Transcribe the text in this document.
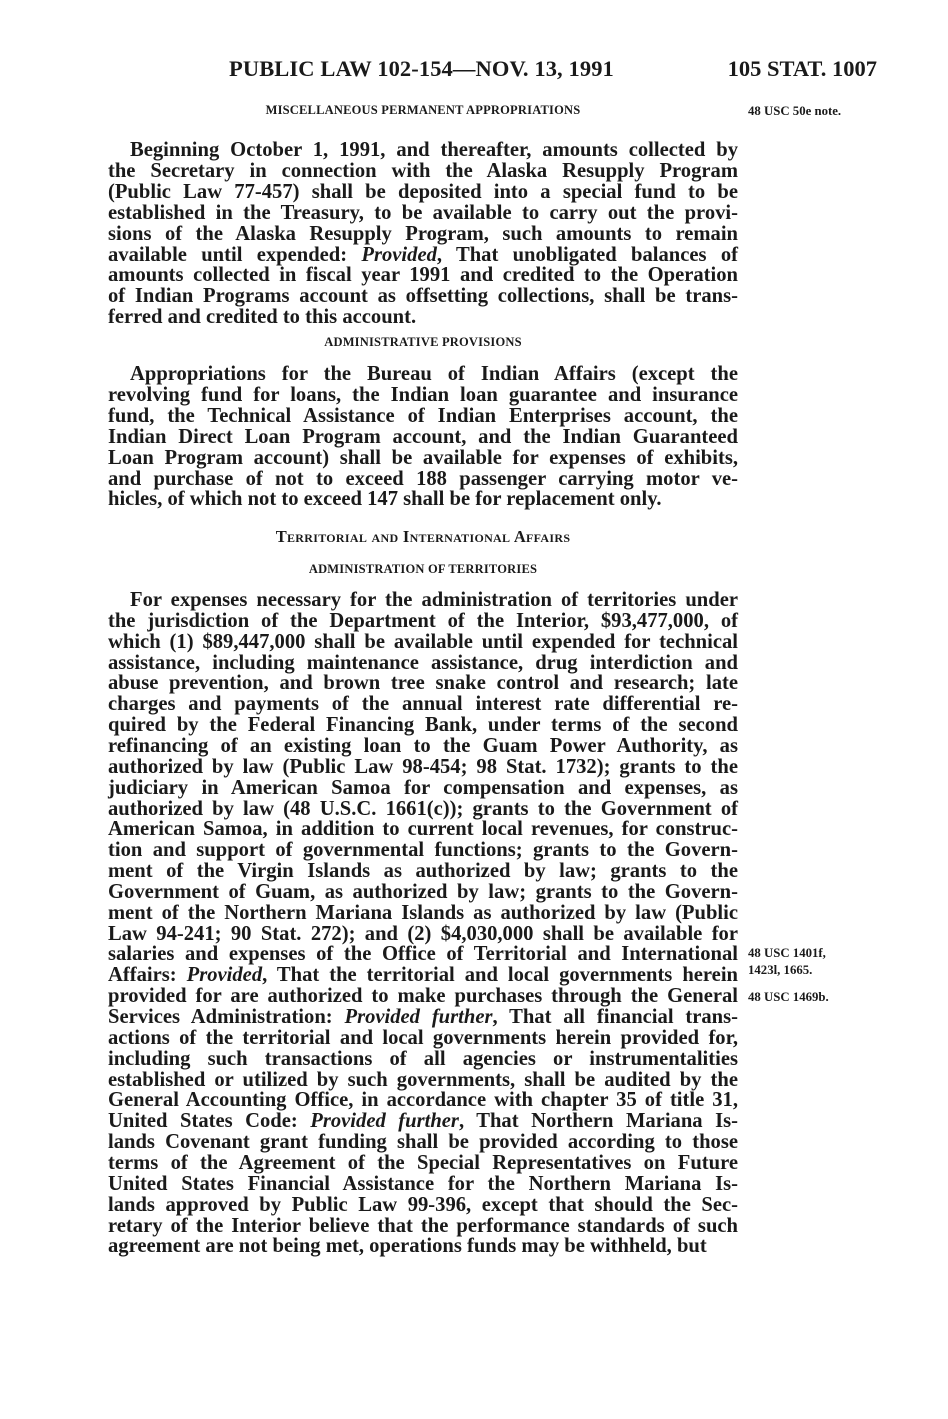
PUBLIC LAW 102-154—NOV. 13, 1991	105 STAT. 1007
MISCELLANEOUS PERMANENT APPROPRIATIONS	48 USC 50e note.
Beginning October 1, 1991, and thereafter, amounts collected by
the Secretary in connection with the Alaska Resupply Program
(Public Law 77-457) shall be deposited into a special fund to be
established in the Treasury, to be available to carry out the provi-
sions of the Alaska Resupply Program, such amounts to remain
available until expended: Provided, That unobligated balances of
amounts collected in fiscal year 1991 and credited to the Operation
of Indian Programs account as offsetting collections, shall be trans-
ferred and credited to this account.
ADMINISTRATIVE PROVISIONS
Appropriations for the Bureau of Indian Affairs (except the
revolving fund for loans, the Indian loan guarantee and insurance
fund, the Technical Assistance of Indian Enterprises account, the
Indian Direct Loan Program account, and the Indian Guaranteed
Loan Program account) shall be available for expenses of exhibits,
and purchase of not to exceed 188 passenger carrying motor ve-
hicles, of which not to exceed 147 shall be for replacement only.
Territorial and International Affairs
ADMINISTRATION OF TERRITORIES
For expenses necessary for the administration of territories under
the jurisdiction of the Department of the Interior, $93,477,000, of
which (1) $89,447,000 shall be available until expended for technical
assistance, including maintenance assistance, drug interdiction and
abuse prevention, and brown tree snake control and research; late
charges and payments of the annual interest rate differential re-
quired by the Federal Financing Bank, under terms of the second
refinancing of an existing loan to the Guam Power Authority, as
authorized by law (Public Law 98-454; 98 Stat. 1732); grants to the
judiciary in American Samoa for compensation and expenses, as
authorized by law (48 U.S.C. 1661(c)); grants to the Government of
American Samoa, in addition to current local revenues, for construc-
tion and support of governmental functions; grants to the Govern-
ment of the Virgin Islands as authorized by law; grants to the
Government of Guam, as authorized by law; grants to the Govern-
ment of the Northern Mariana Islands as authorized by law (Public
Law 94-241; 90 Stat. 272); and (2) $4,030,000 shall be available for
salaries and expenses of the Office of Territorial and International
Affairs: Provided, That the territorial and local governments herein
provided for are authorized to make purchases through the General
Services Administration: Provided further, That all financial trans-
actions of the territorial and local governments herein provided for,
including such transactions of all agencies or instrumentalities
established or utilized by such governments, shall be audited by the
General Accounting Office, in accordance with chapter 35 of title 31,
United States Code: Provided further, That Northern Mariana Is-
lands Covenant grant funding shall be provided according to those
terms of the Agreement of the Special Representatives on Future
United States Financial Assistance for the Northern Mariana Is-
lands approved by Public Law 99-396, except that should the Sec-
retary of the Interior believe that the performance standards of such
agreement are not being met, operations funds may be withheld, but
48 USC 1401f,
1423l, 1665.
48 USC 1469b.
